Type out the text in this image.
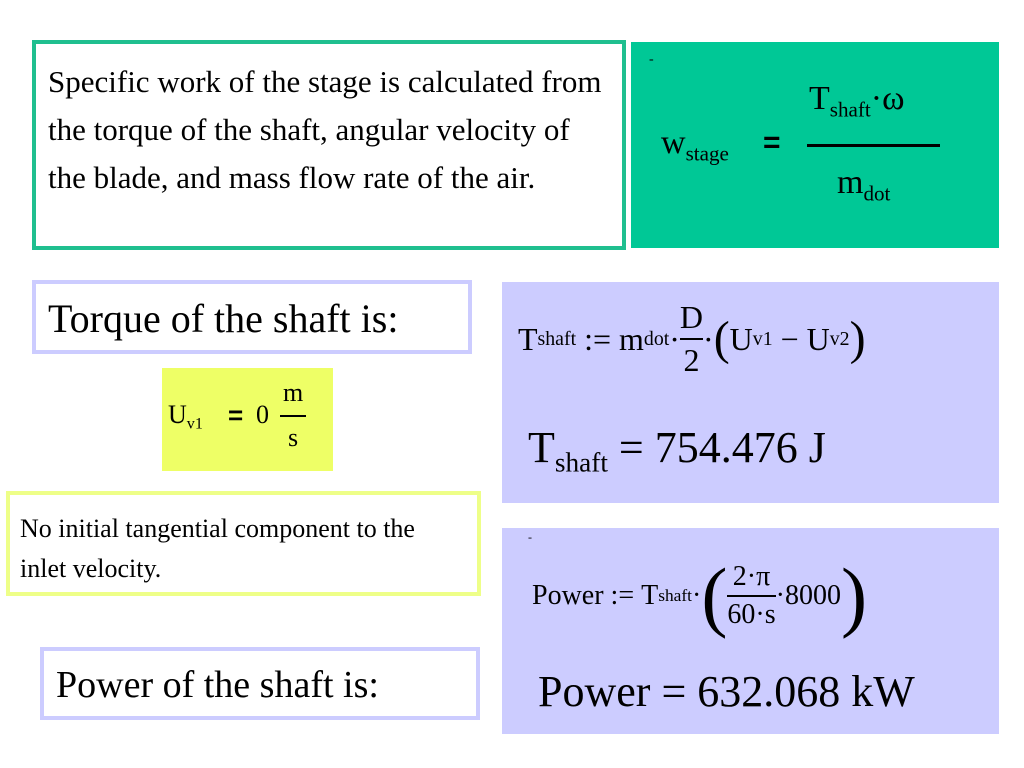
Specific work of the stage is calculated from the torque of the shaft, angular velocity of the blade, and mass flow rate of the air.
-
$w_{stage}$ =
$T_{shaft}\cdot\omega$
$m_{dot}$
Torque of the shaft is:
$U_{v1} = 0$
m
s
No initial tangential component to the inlet velocity.
T shaft := m dot · $\frac{D}{2}$ · ( U v1 − U v2 )
$T_{shaft} = 754.476$ J
-
Power := T shaft · ( $\frac{2\cdot\pi}{60\cdot s} \cdot 8000$ )
Power = 632.068 kW
Power of the shaft is:
